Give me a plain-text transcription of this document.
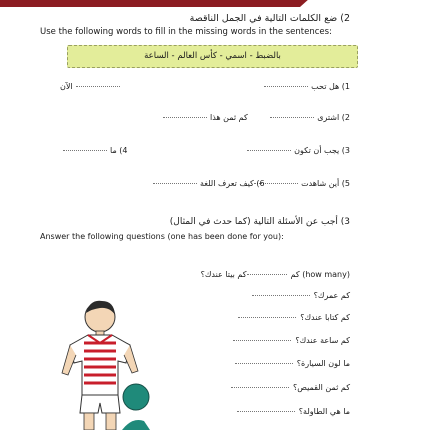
2) ضع الكلمات التالية في الجمل الناقصة
Use the following words to fill in the missing words in the sentences:
بالضبط - اسمي - كأس العالم - الساعة
1) هل تحب
الآن
2) اشترى
كم ثمن هذا
3) يجب أن تكون
4) ما
5) أين شاهدت
6) كيف تعرف اللغة
3) أجب عن الأسئلة التالية (كما حدث في المثال)
Answer the following questions (one has been done for you):
(how many) كمكم بيتا عندك؟
كم عمرك؟
كم كتابا عندك؟
كم ساعة عندك؟
ما لون السيارة؟
كم ثمن القميص؟
ما هي الطاولة؟
